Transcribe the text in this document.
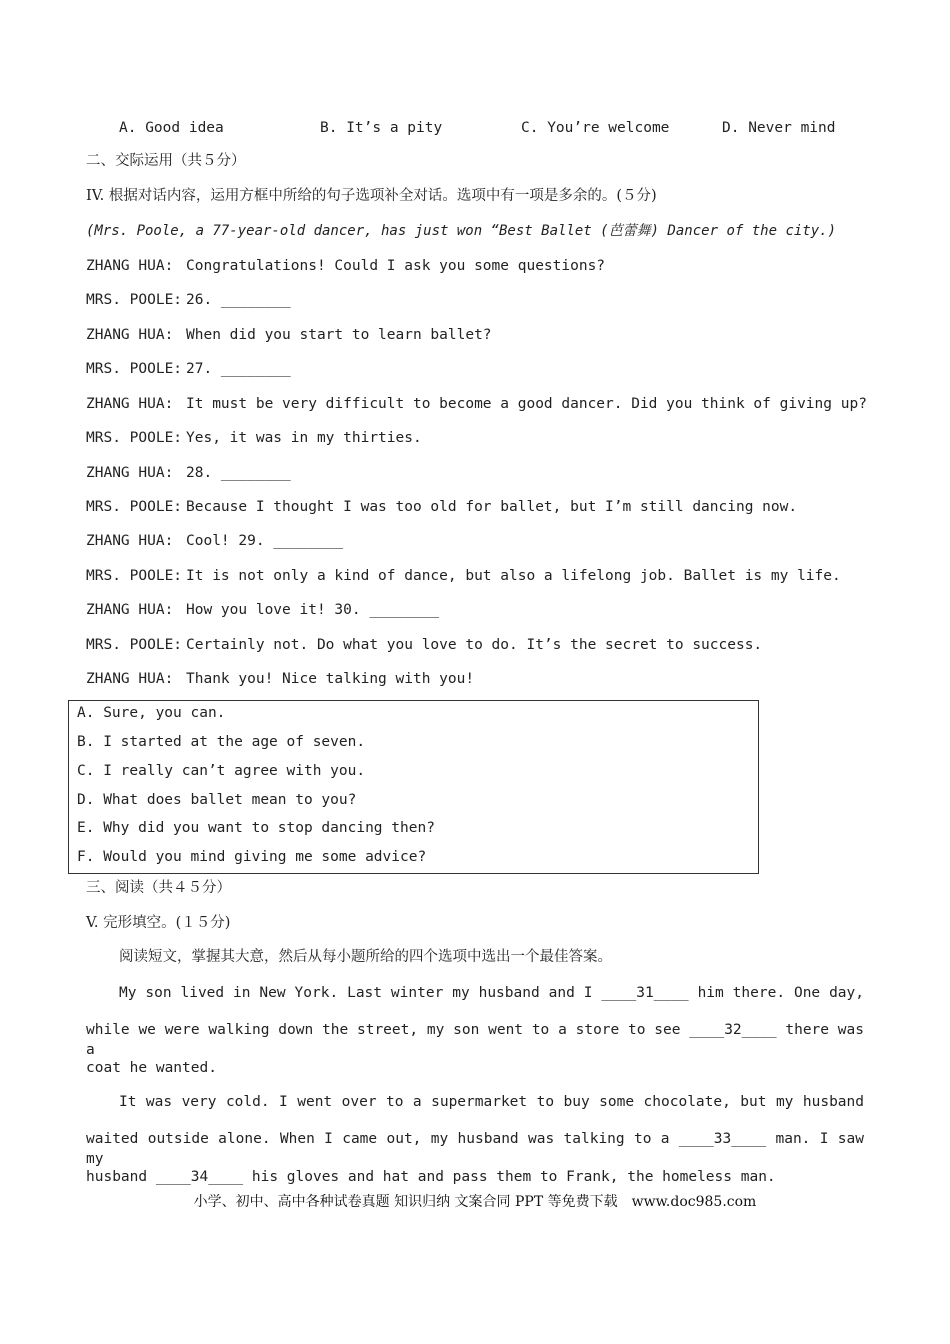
A. Good idea	B. It’s a pity	C. You’re welcome	D. Never mind
二、交际运用（共５分）
IV. 根据对话内容，运用方框中所给的句子选项补全对话。选项中有一项是多余的。(５分)
(Mrs. Poole, a 77-year-old dancer, has just won “Best Ballet (芭蕾舞) Dancer of the city.)
ZHANG HUA: Congratulations! Could I ask you some questions?
MRS. POOLE: 26. ________
ZHANG HUA: When did you start to learn ballet?
MRS. POOLE: 27. ________
ZHANG HUA: It must be very difficult to become a good dancer. Did you think of giving up?
MRS. POOLE: Yes, it was in my thirties.
ZHANG HUA: 28. ________
MRS. POOLE: Because I thought I was too old for ballet, but I’m still dancing now.
ZHANG HUA: Cool! 29. ________
MRS. POOLE: It is not only a kind of dance, but also a lifelong job. Ballet is my life.
ZHANG HUA: How you love it! 30. ________
MRS. POOLE: Certainly not. Do what you love to do. It’s the secret to success.
ZHANG HUA: Thank you! Nice talking with you!
A. Sure, you can.
B. I started at the age of seven.
C. I really can’t agree with you.
D. What does ballet mean to you?
E. Why did you want to stop dancing then?
F. Would you mind giving me some advice?
三、阅读（共４５分）
V. 完形填空。(１５分)
阅读短文，掌握其大意，然后从每小题所给的四个选项中选出一个最佳答案。
My son lived in New York. Last winter my husband and I ____31____ him there. One day,
while we were walking down the street, my son went to a store to see ____32____ there was a
coat he wanted.
It was very cold. I went over to a supermarket to buy some chocolate, but my husband
waited outside alone. When I came out, my husband was talking to a ____33____ man. I saw my
husband ____34____ his gloves and hat and pass them to Frank, the homeless man.
小学、初中、高中各种试卷真题 知识归纳 文案合同 PPT 等免费下载　www.doc985.com
